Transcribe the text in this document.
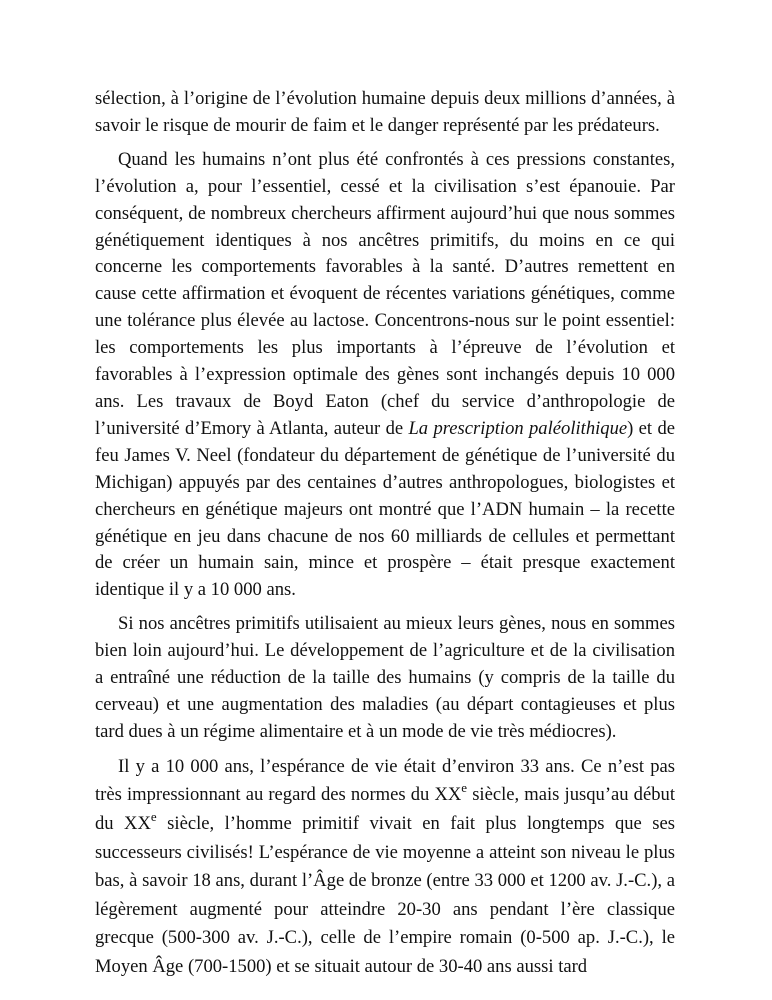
sélection, à l’origine de l’évolution humaine depuis deux millions d’années, à savoir le risque de mourir de faim et le danger représenté par les prédateurs.

Quand les humains n’ont plus été confrontés à ces pressions constantes, l’évolution a, pour l’essentiel, cessé et la civilisation s’est épanouie. Par conséquent, de nombreux chercheurs affirment aujourd’hui que nous sommes génétiquement identiques à nos ancêtres primitifs, du moins en ce qui concerne les comportements favorables à la santé. D’autres remettent en cause cette affirmation et évoquent de récentes variations génétiques, comme une tolérance plus élevée au lactose. Concentrons-nous sur le point essentiel: les comportements les plus importants à l’épreuve de l’évolution et favorables à l’expression optimale des gènes sont inchangés depuis 10 000 ans. Les travaux de Boyd Eaton (chef du service d’anthropologie de l’université d’Emory à Atlanta, auteur de La prescription paléolithique) et de feu James V. Neel (fondateur du département de génétique de l’université du Michigan) appuyés par des centaines d’autres anthropologues, biologistes et chercheurs en génétique majeurs ont montré que l’ADN humain – la recette génétique en jeu dans chacune de nos 60 milliards de cellules et permettant de créer un humain sain, mince et prospère – était presque exactement identique il y a 10 000 ans.

Si nos ancêtres primitifs utilisaient au mieux leurs gènes, nous en sommes bien loin aujourd’hui. Le développement de l’agriculture et de la civilisation a entraîné une réduction de la taille des humains (y compris de la taille du cerveau) et une augmentation des maladies (au départ contagieuses et plus tard dues à un régime alimentaire et à un mode de vie très médiocres).

Il y a 10 000 ans, l’espérance de vie était d’environ 33 ans. Ce n’est pas très impressionnant au regard des normes du XXe siècle, mais jusqu’au début du XXe siècle, l’homme primitif vivait en fait plus longtemps que ses successeurs civilisés! L’espérance de vie moyenne a atteint son niveau le plus bas, à savoir 18 ans, durant l’Âge de bronze (entre 33 000 et 1200 av. J.-C.), a légèrement augmenté pour atteindre 20-30 ans pendant l’ère classique grecque (500-300 av. J.-C.), celle de l’empire romain (0-500 ap. J.-C.), le Moyen Âge (700-1500) et se situait autour de 30-40 ans aussi tard
